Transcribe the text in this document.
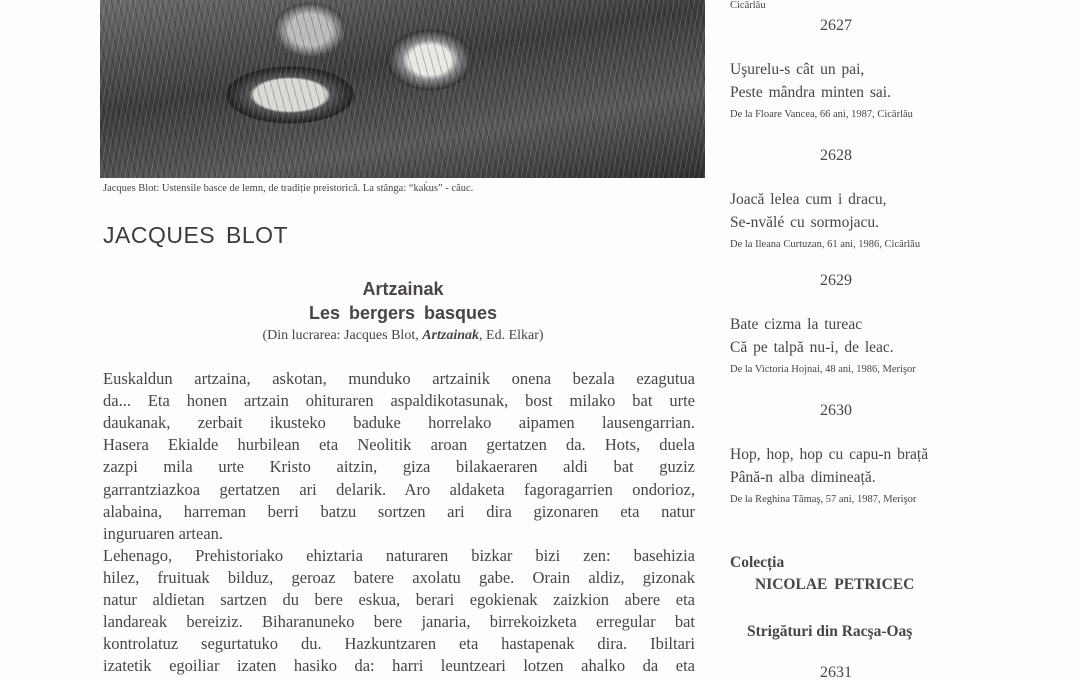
Jacques Blot: Ustensile basce de lemn, de tradiție preistorică. La stânga: “kaḱus” - căuc.
JACQUES BLOT
Artzainak
Les bergers basques
(Din lucrarea: Jacques Blot, Artzainak, Ed. Elkar)
Euskaldun artzaina, askotan, munduko artzainik onena bezala ezagutua
da... Eta honen artzain ohituraren aspaldikotasunak, bost milako bat urte
daukanak, zerbait ikusteko baduke horrelako aipamen lausengarrian.
Hasera Ekialde hurbilean eta Neolitik aroan gertatzen da. Hots, duela
zazpi mila urte Kristo aitzin, giza bilakaeraren aldi bat guziz
garrantziazkoa gertatzen ari delarik. Aro aldaketa fagoragarrien ondorioz,
alabaina, harreman berri batzu sortzen ari dira gizonaren eta natur
inguruaren artean.
Lehenago, Prehistoriako ehiztaria naturaren bizkar bizi zen: basehizia
hilez, fruituak bilduz, geroaz batere axolatu gabe. Orain aldiz, gizonak
natur aldietan sartzen du bere eskua, berari egokienak zaizkion abere eta
landareak bereiziz. Biharanuneko bere janaria, birrekoizketa erregular bat
kontrolatuz segurtatuko du. Hazkuntzaren eta hastapenak dira. Ibiltari
izatetik egoiliar izaten hasiko da: harri leuntzeari lotzen ahalko da eta
Cicârlău
2627
Uşurelu-s cât un pai,
Peste mândra minten sai.
De la Floare Vancea, 66 ani, 1987, Cicârlău
2628
Joacă lelea cum i dracu,
Se-nvălé cu sormojacu.
De la Ileana Curtuzan, 61 ani, 1986, Cicârlău
2629
Bate cizma la tureac
Că pe talpă nu-i, de leac.
De la Victoria Hojnai, 48 ani, 1986, Merişor
2630
Hop, hop, hop cu capu-n brață
Până-n alba dimineață.
De la Reghina Tămaş, 57 ani, 1987, Merişor
Colecția
NICOLAE PETRICEC
Strigături din Racşa-Oaş
2631
